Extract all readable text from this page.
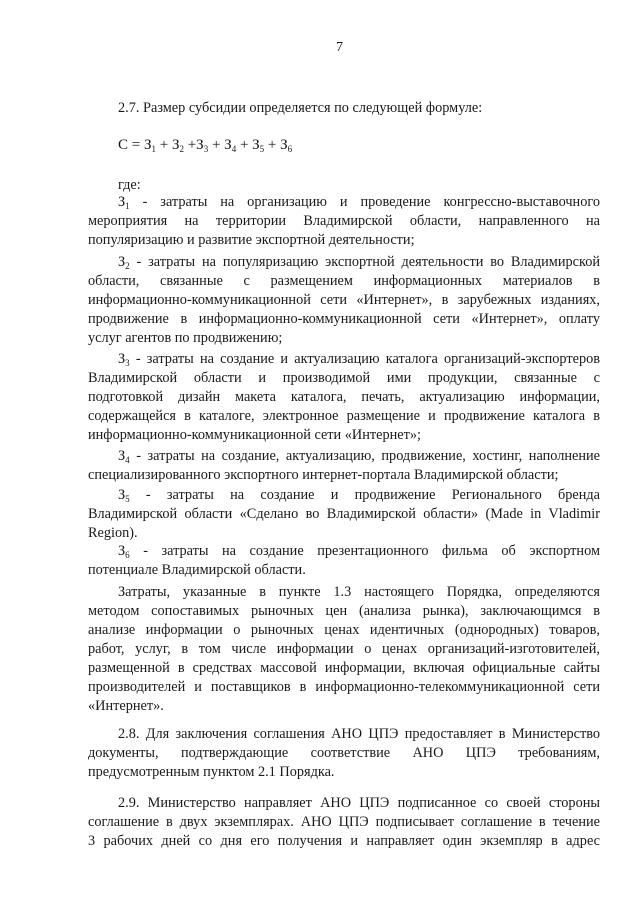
7
2.7. Размер субсидии определяется по следующей формуле:
$С = З_1 + З_2 +З_3 + З_4 + З_5 + З_6$
где:
$З_1$ - затраты на организацию и проведение конгрессно-выставочного
мероприятия на территории Владимирской области, направленного на
популяризацию и развитие экспортной деятельности;
$З_2$ - затраты на популяризацию экспортной деятельности во Владимирской
области, связанные с размещением информационных материалов в
информационно-коммуникационной сети «Интернет», в зарубежных изданиях,
продвижение в информационно-коммуникационной сети «Интернет», оплату
услуг агентов по продвижению;
$З_3$ - затраты на создание и актуализацию каталога организаций-экспортеров
Владимирской области и производимой ими продукции, связанные с
подготовкой дизайн макета каталога, печать, актуализацию информации,
содержащейся в каталоге, электронное размещение и продвижение каталога в
информационно-коммуникационной сети «Интернет»;
$З_4$ - затраты на создание, актуализацию, продвижение, хостинг, наполнение
специализированного экспортного интернет-портала Владимирской области;
$З_5$ - затраты на создание и продвижение Регионального бренда
Владимирской области «Сделано во Владимирской области» (Made in Vladimir
Region).
$З_6$ - затраты на создание презентационного фильма об экспортном
потенциале Владимирской области.
Затраты, указанные в пункте 1.3 настоящего Порядка, определяются
методом сопоставимых рыночных цен (анализа рынка), заключающимся в
анализе информации о рыночных ценах идентичных (однородных) товаров,
работ, услуг, в том числе информации о ценах организаций-изготовителей,
размещенной в средствах массовой информации, включая официальные сайты
производителей и поставщиков в информационно-телекоммуникационной сети
«Интернет».
2.8. Для заключения соглашения АНО ЦПЭ предоставляет в Министерство
документы, подтверждающие соответствие АНО ЦПЭ требованиям,
предусмотренным пунктом 2.1 Порядка.
2.9. Министерство направляет АНО ЦПЭ подписанное со своей стороны
соглашение в двух экземплярах. АНО ЦПЭ подписывает соглашение в течение
3 рабочих дней со дня его получения и направляет один экземпляр в адрес
